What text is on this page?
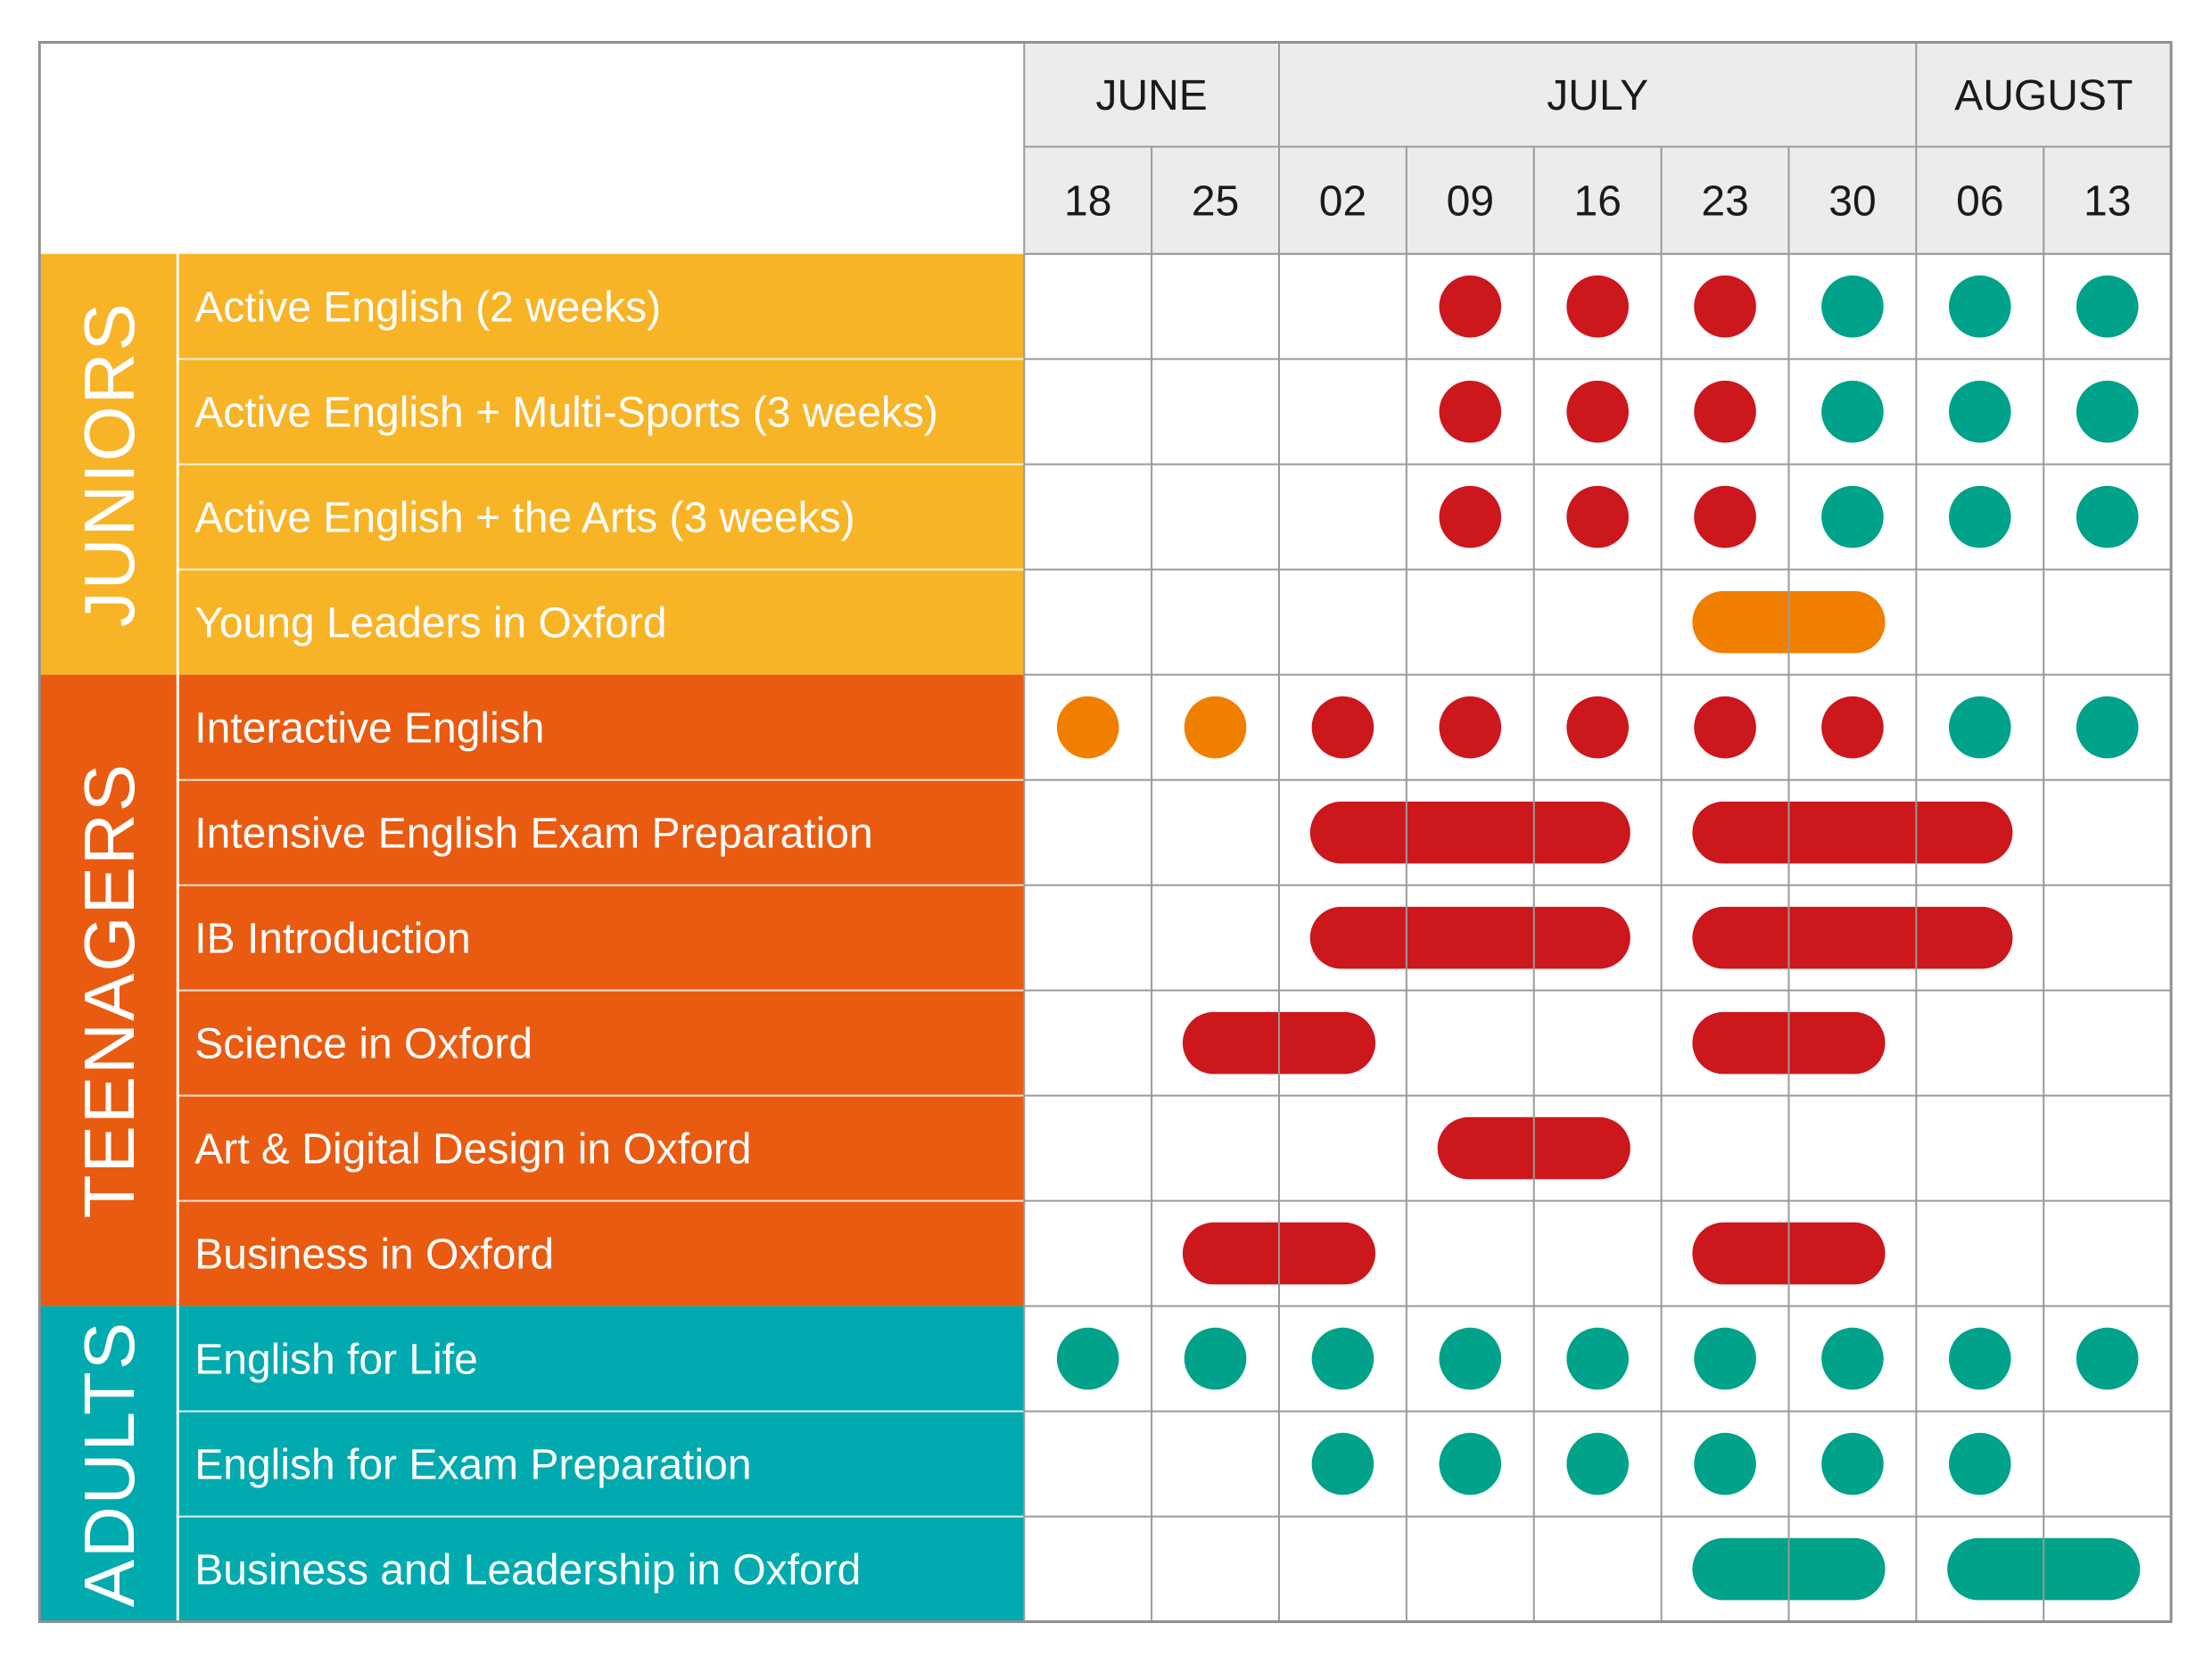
JUNE	JULY	AUGUST
18 25 02 09 16 23 30 06 13
JUNIORS Active English (2 weeks)
Active English + Multi-Sports (3 weeks)
Active English + the Arts (3 weeks)
Young Leaders in Oxford
TEENAGERS
Interactive English
Intensive English Exam Preparation
IB Introduction
Science in Oxford
Art & Digital Design in Oxford
Business in Oxford
ADULTS English for Life
English for Exam Preparation
Business and Leadership in Oxford
